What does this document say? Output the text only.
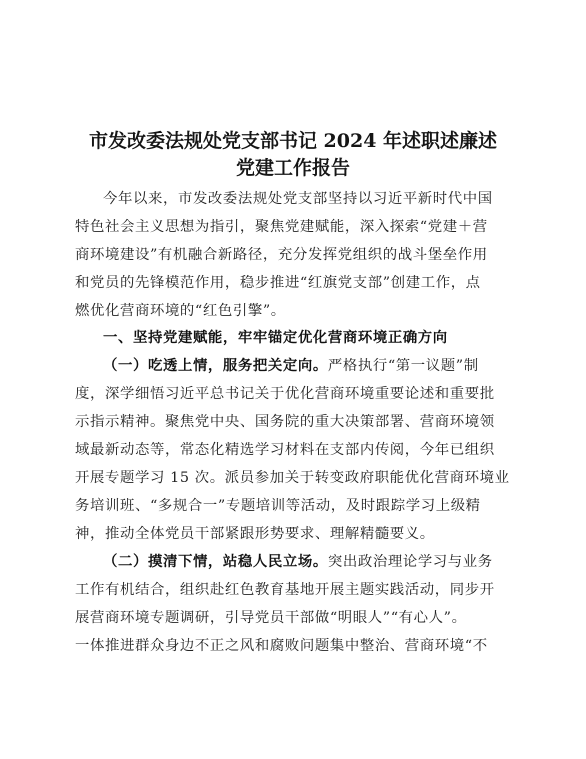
市发改委法规处党支部书记 2024 年述职述廉述
党建工作报告
今年以来，市发改委法规处党支部坚持以习近平新时代中国
特色社会主义思想为指引，聚焦党建赋能，深入探索“党建＋营
商环境建设”有机融合新路径，充分发挥党组织的战斗堡垒作用
和党员的先锋模范作用，稳步推进“红旗党支部”创建工作，点
燃优化营商环境的“红色引擎”。
一、坚持党建赋能，牢牢锚定优化营商环境正确方向
（一）吃透上情，服务把关定向。严格执行“第一议题”制
度，深学细悟习近平总书记关于优化营商环境重要论述和重要批
示指示精神。聚焦党中央、国务院的重大决策部署、营商环境领
域最新动态等，常态化精选学习材料在支部内传阅，今年已组织
开展专题学习 15 次。派员参加关于转变政府职能优化营商环境业
务培训班、“多规合一”专题培训等活动，及时跟踪学习上级精
神，推动全体党员干部紧跟形势要求、理解精髓要义。
（二）摸清下情，站稳人民立场。突出政治理论学习与业务
工作有机结合，组织赴红色教育基地开展主题实践活动，同步开
展营商环境专题调研，引导党员干部做“明眼人”“有心人”。
一体推进群众身边不正之风和腐败问题集中整治、营商环境“不
